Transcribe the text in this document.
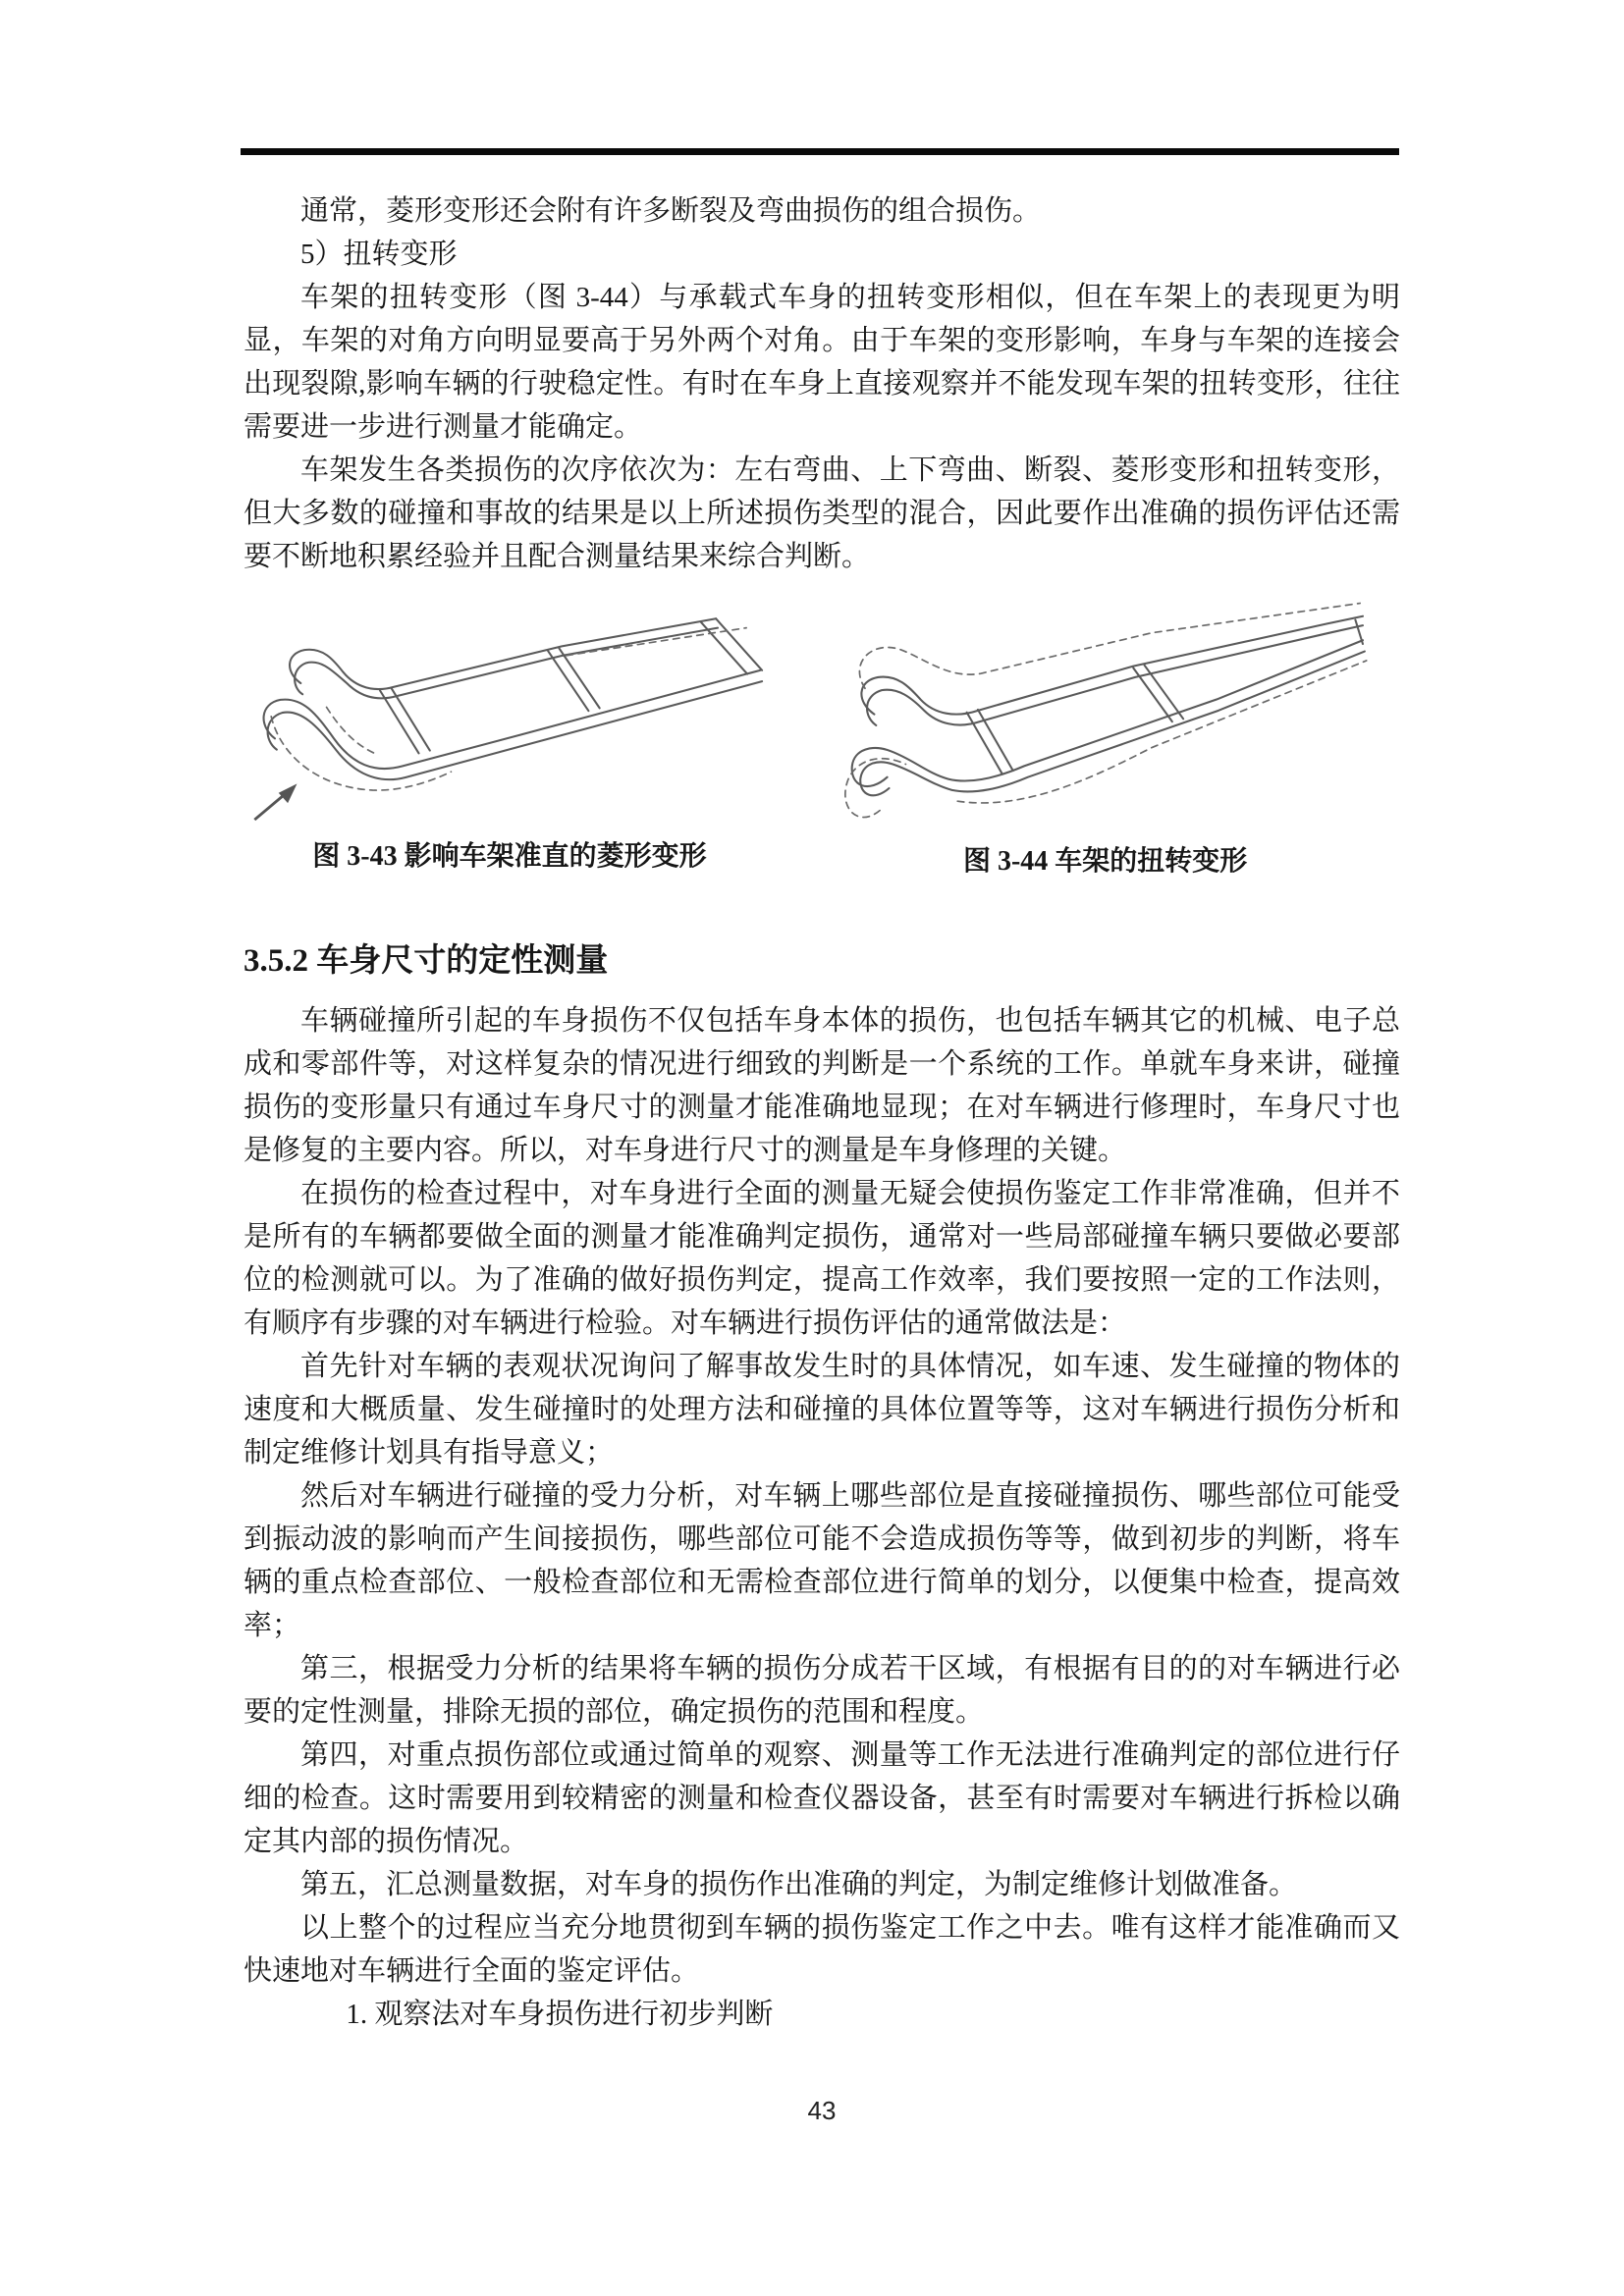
通常，菱形变形还会附有许多断裂及弯曲损伤的组合损伤。

5）扭转变形

车架的扭转变形（图 3-44）与承载式车身的扭转变形相似，但在车架上的表现更为明显，车架的对角方向明显要高于另外两个对角。由于车架的变形影响，车身与车架的连接会出现裂隙,影响车辆的行驶稳定性。有时在车身上直接观察并不能发现车架的扭转变形，往往需要进一步进行测量才能确定。

车架发生各类损伤的次序依次为：左右弯曲、上下弯曲、断裂、菱形变形和扭转变形，但大多数的碰撞和事故的结果是以上所述损伤类型的混合，因此要作出准确的损伤评估还需要不断地积累经验并且配合测量结果来综合判断。

图 3-43 影响车架准直的菱形变形	图 3-44 车架的扭转变形
3.5.2 车身尺寸的定性测量

车辆碰撞所引起的车身损伤不仅包括车身本体的损伤，也包括车辆其它的机械、电子总成和零部件等，对这样复杂的情况进行细致的判断是一个系统的工作。单就车身来讲，碰撞损伤的变形量只有通过车身尺寸的测量才能准确地显现；在对车辆进行修理时，车身尺寸也是修复的主要内容。所以，对车身进行尺寸的测量是车身修理的关键。

在损伤的检查过程中，对车身进行全面的测量无疑会使损伤鉴定工作非常准确，但并不是所有的车辆都要做全面的测量才能准确判定损伤，通常对一些局部碰撞车辆只要做必要部位的检测就可以。为了准确的做好损伤判定，提高工作效率，我们要按照一定的工作法则，有顺序有步骤的对车辆进行检验。对车辆进行损伤评估的通常做法是：

首先针对车辆的表观状况询问了解事故发生时的具体情况，如车速、发生碰撞的物体的速度和大概质量、发生碰撞时的处理方法和碰撞的具体位置等等，这对车辆进行损伤分析和制定维修计划具有指导意义；

然后对车辆进行碰撞的受力分析，对车辆上哪些部位是直接碰撞损伤、哪些部位可能受到振动波的影响而产生间接损伤，哪些部位可能不会造成损伤等等，做到初步的判断，将车辆的重点检查部位、一般检查部位和无需检查部位进行简单的划分，以便集中检查，提高效率；

第三，根据受力分析的结果将车辆的损伤分成若干区域，有根据有目的的对车辆进行必要的定性测量，排除无损的部位，确定损伤的范围和程度。

第四，对重点损伤部位或通过简单的观察、测量等工作无法进行准确判定的部位进行仔细的检查。这时需要用到较精密的测量和检查仪器设备，甚至有时需要对车辆进行拆检以确定其内部的损伤情况。

第五，汇总测量数据，对车身的损伤作出准确的判定，为制定维修计划做准备。

以上整个的过程应当充分地贯彻到车辆的损伤鉴定工作之中去。唯有这样才能准确而又快速地对车辆进行全面的鉴定评估。

1. 观察法对车身损伤进行初步判断

43
